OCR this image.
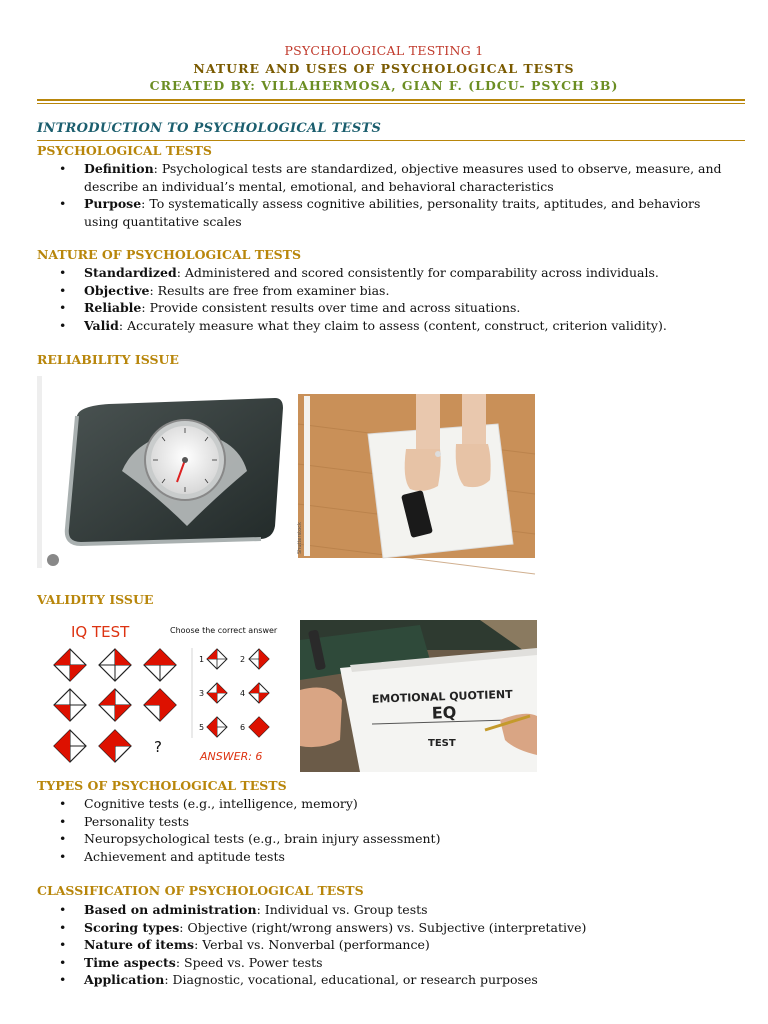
PSYCHOLOGICAL TESTING 1
NATURE AND USES OF PSYCHOLOGICAL TESTS
CREATED BY: VILLAHERMOSA, GIAN F. (LDCU- PSYCH 3B)
INTRODUCTION TO PSYCHOLOGICAL TESTS
PSYCHOLOGICAL TESTS
• Definition: Psychological tests are standardized, objective measures used to observe, measure, and describe an individual’s mental, emotional, and behavioral characteristics
• Purpose: To systematically assess cognitive abilities, personality traits, aptitudes, and behaviors using quantitative scales
NATURE OF PSYCHOLOGICAL TESTS
• Standardized: Administered and scored consistently for comparability across individuals.
• Objective: Results are free from examiner bias.
• Reliable: Provide consistent results over time and across situations.
• Valid: Accurately measure what they claim to assess (content, construct, criterion validity).
RELIABILITY ISSUE
Shutterstock
VALIDITY ISSUE
IQ TEST	Choose the correct answer
?
1	2
3	4
5	6
ANSWER: 6
EMOTIONAL QUOTIENT
EQ
TEST
TYPES OF PSYCHOLOGICAL TESTS
• Cognitive tests (e.g., intelligence, memory)
• Personality tests
• Neuropsychological tests (e.g., brain injury assessment)
• Achievement and aptitude tests
CLASSIFICATION OF PSYCHOLOGICAL TESTS
• Based on administration: Individual vs. Group tests
• Scoring types: Objective (right/wrong answers) vs. Subjective (interpretative)
• Nature of items: Verbal vs. Nonverbal (performance)
• Time aspects: Speed vs. Power tests
• Application: Diagnostic, vocational, educational, or research purposes
